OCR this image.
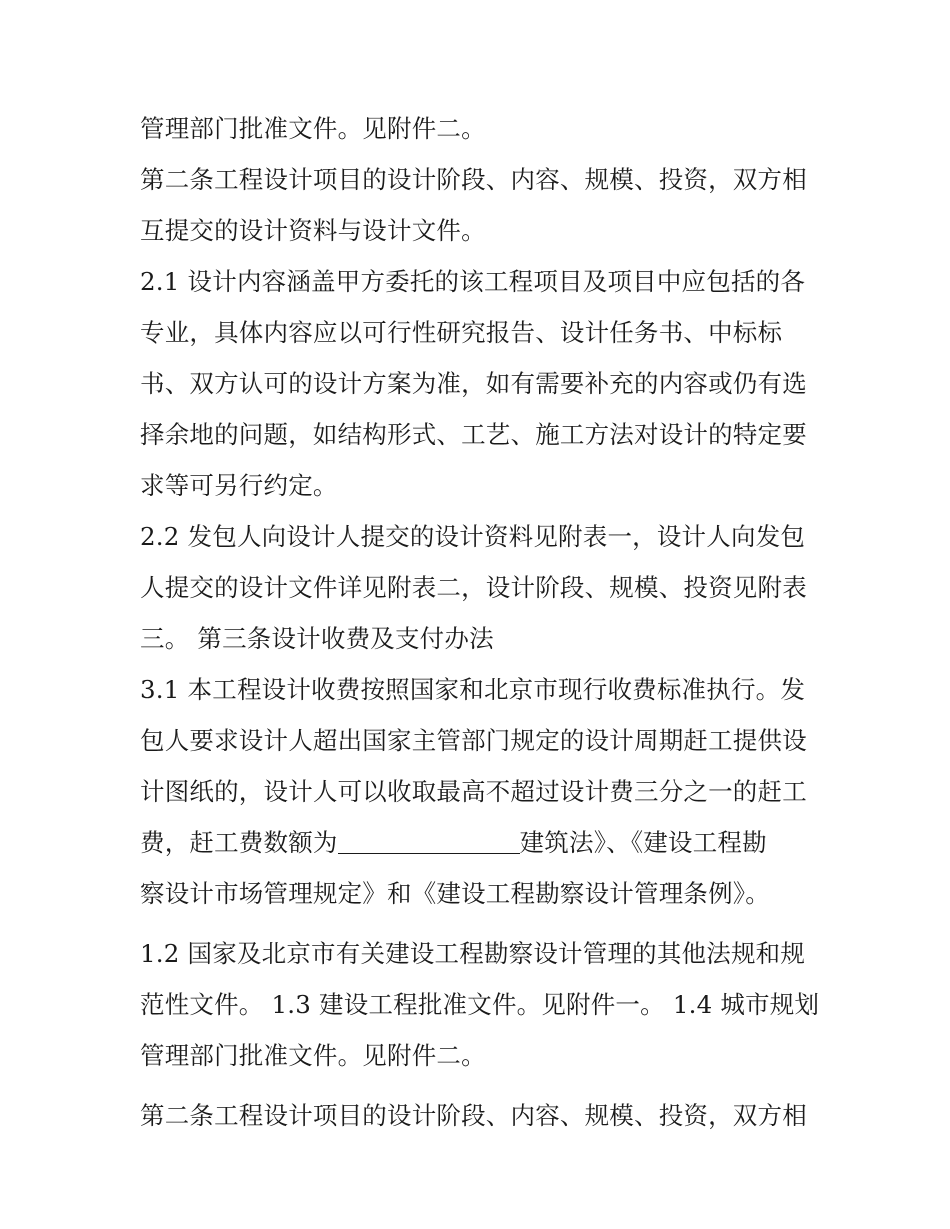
管理部门批准文件。见附件二。

第二条工程设计项目的设计阶段、内容、规模、投资，双方相

互提交的设计资料与设计文件。

2.1 设计内容涵盖甲方委托的该工程项目及项目中应包括的各

专业，具体内容应以可行性研究报告、设计任务书、中标标

书、双方认可的设计方案为准，如有需要补充的内容或仍有选

择余地的问题，如结构形式、工艺、施工方法对设计的特定要

求等可另行约定。

2.2 发包人向设计人提交的设计资料见附表一，设计人向发包

人提交的设计文件详见附表二，设计阶段、规模、投资见附表

三。 第三条设计收费及支付办法

3.1 本工程设计收费按照国家和北京市现行收费标准执行。发

包人要求设计人超出国家主管部门规定的设计周期赶工提供设

计图纸的，设计人可以收取最高不超过设计费三分之一的赶工

费，赶工费数额为	建筑法》、《建设工程勘

察设计市场管理规定》和《建设工程勘察设计管理条例》。

1.2 国家及北京市有关建设工程勘察设计管理的其他法规和规

范性文件。 1.3 建设工程批准文件。见附件一。 1.4 城市规划

管理部门批准文件。见附件二。

第二条工程设计项目的设计阶段、内容、规模、投资，双方相
